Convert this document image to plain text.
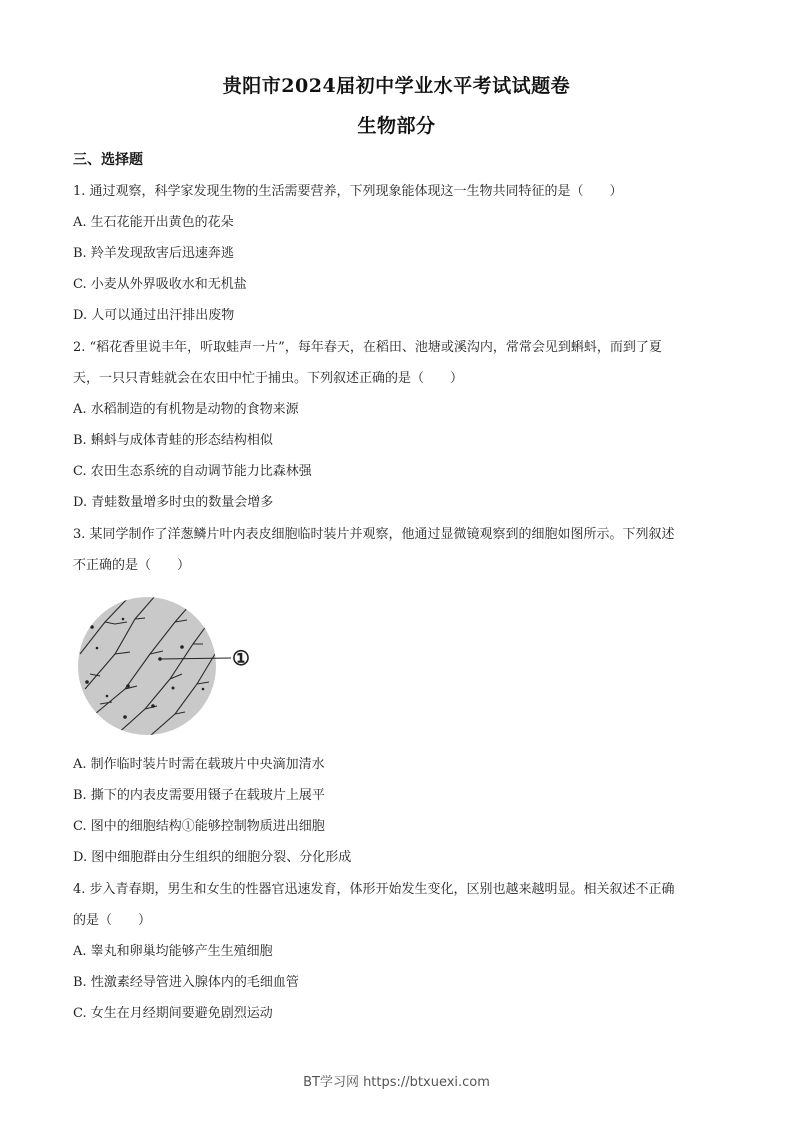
贵阳市2024届初中学业水平考试试题卷
生物部分
三、选择题
1. 通过观察，科学家发现生物的生活需要营养，下列现象能体现这一生物共同特征的是（　　）
A. 生石花能开出黄色的花朵
B. 羚羊发现敌害后迅速奔逃
C. 小麦从外界吸收水和无机盐
D. 人可以通过出汗排出废物
2. “稻花香里说丰年，听取蛙声一片”，每年春天，在稻田、池塘或溪沟内，常常会见到蝌蚪，而到了夏
天，一只只青蛙就会在农田中忙于捕虫。下列叙述正确的是（　　）
A. 水稻制造的有机物是动物的食物来源
B. 蝌蚪与成体青蛙的形态结构相似
C. 农田生态系统的自动调节能力比森林强
D. 青蛙数量增多时虫的数量会增多
3. 某同学制作了洋葱鳞片叶内表皮细胞临时装片并观察，他通过显微镜观察到的细胞如图所示。下列叙述
不正确的是（　　）
①
A. 制作临时装片时需在载玻片中央滴加清水
B. 撕下的内表皮需要用镊子在载玻片上展平
C. 图中的细胞结构①能够控制物质进出细胞
D. 图中细胞群由分生组织的细胞分裂、分化形成
4. 步入青春期，男生和女生的性器官迅速发育，体形开始发生变化，区别也越来越明显。相关叙述不正确
的是（　　）
A. 睾丸和卵巢均能够产生生殖细胞
B. 性激素经导管进入腺体内的毛细血管
C. 女生在月经期间要避免剧烈运动
BT学习网 https://btxuexi.com
